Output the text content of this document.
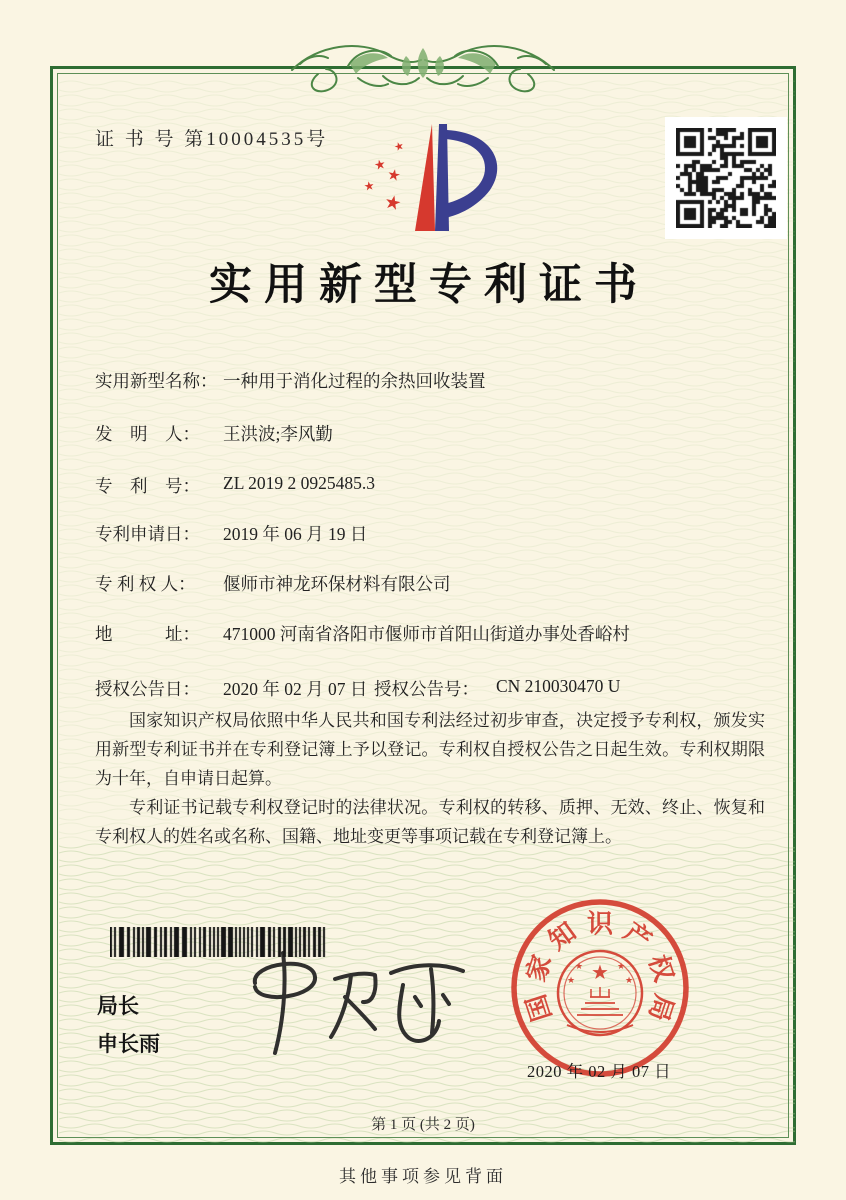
证 书 号 第10004535号	★
★
★
★
★
实用新型专利证书
实用新型名称： 一种用于消化过程的余热回收装置
发　明　人：	王洪波;李风勤
专　利　号：	ZL 2019 2 0925485.3
专利申请日：	2019 年 06 月 19 日
专 利 权 人：	偃师市神龙环保材料有限公司
地　　　址：	471000 河南省洛阳市偃师市首阳山街道办事处香峪村
授权公告日：	2020 年 02 月 07 日 授权公告号： CN 210030470 U

国家知识产权局依照中华人民共和国专利法经过初步审查，决定授予专利权，颁发实用新型专利证书并在专利登记簿上予以登记。专利权自授权公告之日起生效。专利权期限为十年，自申请日起算。

专利证书记载专利权登记时的法律状况。专利权的转移、质押、无效、终止、恢复和专利权人的姓名或名称、国籍、地址变更等事项记载在专利登记簿上。

局长
申长雨
★
★	★
★	★
国
家
知 识 产
权
局
2020 年 02 月 07 日
第 1 页 (共 2 页)
其他事项参见背面
